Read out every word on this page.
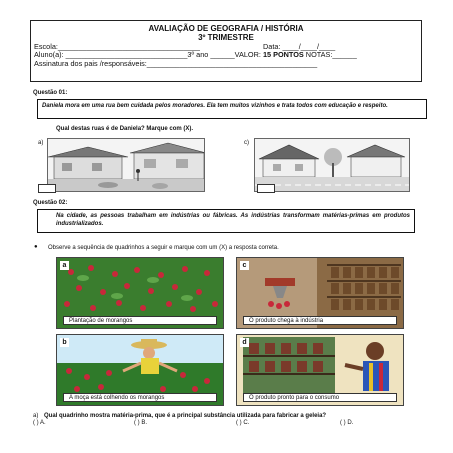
AVALIAÇÃO DE GEOGRAFIA / HISTÓRIA
3º TRIMESTRE
Escola:___________________________________	Data: ____/____/____
Aluno(a): ______________________________3º ano ______VALOR: 15 PONTOS NOTAS:______
Assinatura dos pais /responsáveis:__________________________________________
Questão 01:
Daniela mora em uma rua bem cuidada pelos moradores. Ela tem muitos vizinhos e trata todos com educação e respeito.
Qual destas ruas é de Daniela? Marque com (X).
a)	c)
Questão 02:
Na cidade, as pessoas trabalham em indústrias ou fábricas. As indústrias transformam matérias-primas em produtos industrializados.
● Observe a sequência de quadrinhos a seguir e marque com um (X) a resposta correta.
a
Plantação de morangos
c
O produto chega à indústria
b
A moça está colhendo os morangos
d
O produto pronto para o consumo
a) Qual quadrinho mostra matéria-prima, que é a principal substância utilizada para fabricar a geleia?
( ) A.	( ) B.	( ) C.	( ) D.
